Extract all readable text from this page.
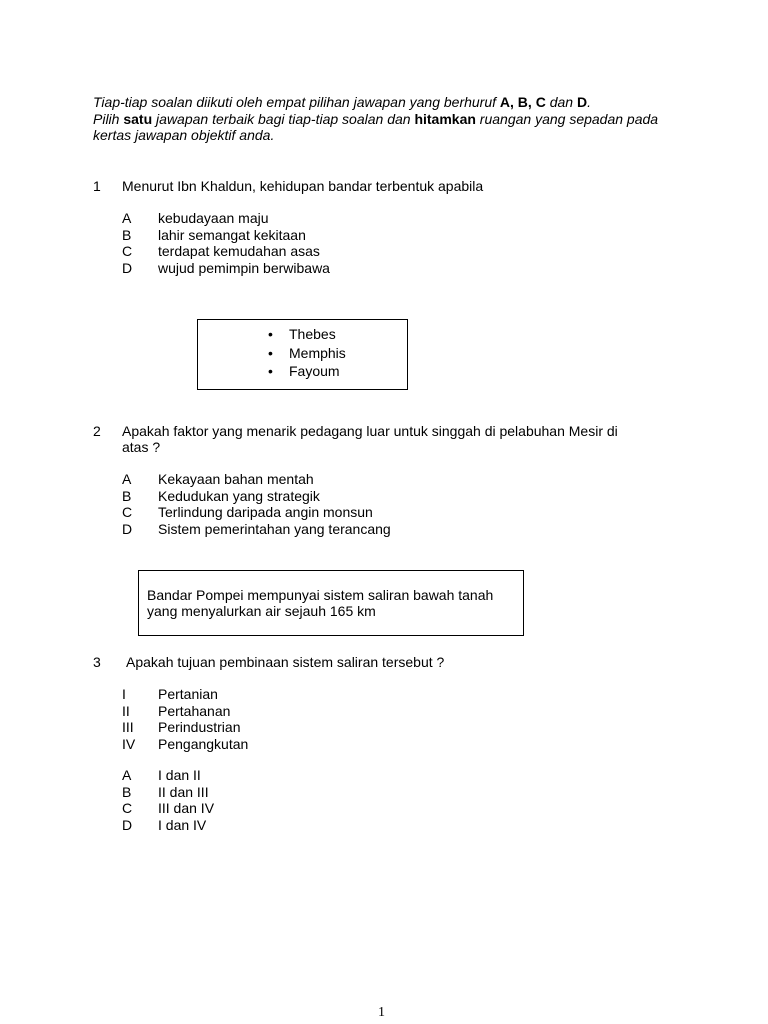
Tiap-tiap soalan diikuti oleh empat pilihan jawapan yang berhuruf A, B, C dan D.
Pilih satu jawapan terbaik bagi tiap-tiap soalan dan hitamkan ruangan yang sepadan pada kertas jawapan objektif anda.
1 Menurut Ibn Khaldun, kehidupan bandar terbentuk apabila
A kebudayaan maju
B lahir semangat kekitaan
C terdapat kemudahan asas
D wujud pemimpin berwibawa
• Thebes
• Memphis
• Fayoum
2 Apakah faktor yang menarik pedagang luar untuk singgah di pelabuhan Mesir di atas ?
A Kekayaan bahan mentah
B Kedudukan yang strategik
C Terlindung daripada angin monsun
D Sistem pemerintahan yang terancang
Bandar Pompei mempunyai sistem saliran bawah tanah
yang menyalurkan air sejauh 165 km
3 Apakah tujuan pembinaan sistem saliran tersebut ?
I Pertanian
II Pertahanan
III Perindustrian
IV Pengangkutan
A I dan II
B II dan III
C III dan IV
D I dan IV
1
